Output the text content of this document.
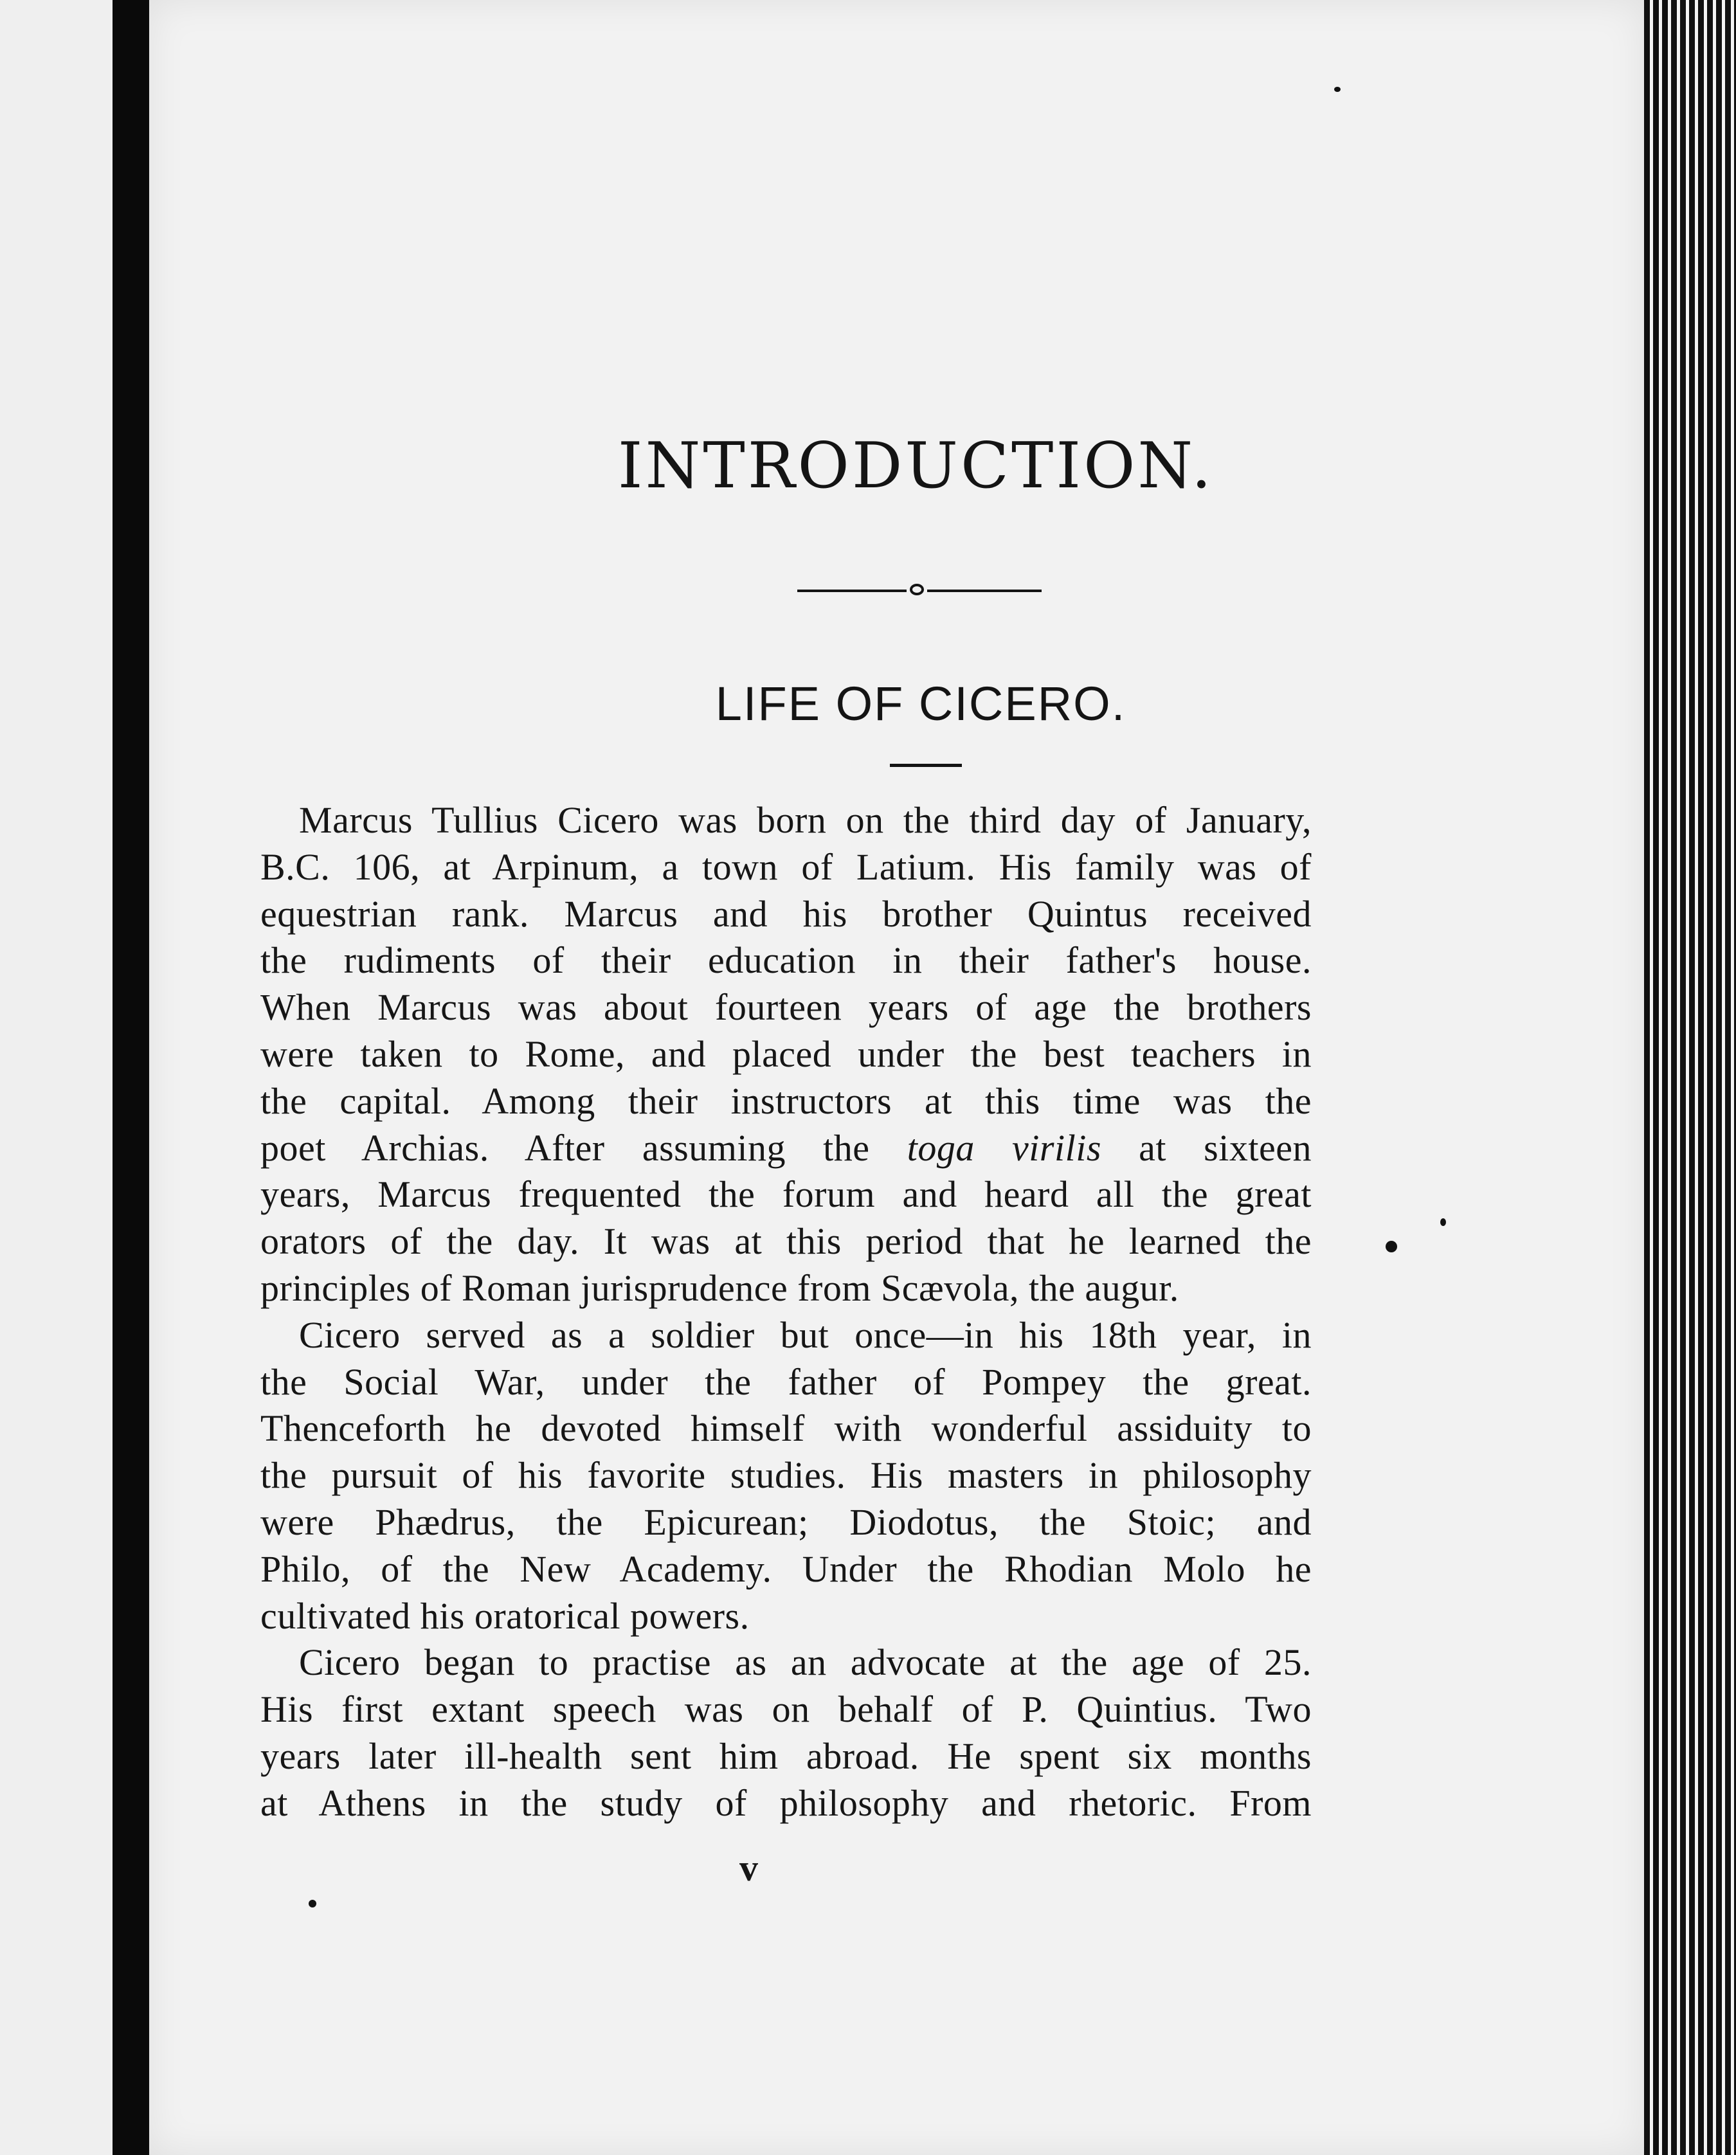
INTRODUCTION.
LIFE OF CICERO.
Marcus Tullius Cicero was born on the third day of January,
B.C. 106, at Arpinum, a town of Latium. His family was of
equestrian rank. Marcus and his brother Quintus received
the rudiments of their education in their father's house.
When Marcus was about fourteen years of age the brothers
were taken to Rome, and placed under the best teachers in
the capital. Among their instructors at this time was the
poet Archias. After assuming the toga virilis at sixteen
years, Marcus frequented the forum and heard all the great
orators of the day. It was at this period that he learned the
principles of Roman jurisprudence from Scævola, the augur.
Cicero served as a soldier but once—in his 18th year, in
the Social War, under the father of Pompey the great.
Thenceforth he devoted himself with wonderful assiduity to
the pursuit of his favorite studies. His masters in philosophy
were Phædrus, the Epicurean; Diodotus, the Stoic; and
Philo, of the New Academy. Under the Rhodian Molo he
cultivated his oratorical powers.
Cicero began to practise as an advocate at the age of 25.
His first extant speech was on behalf of P. Quintius. Two
years later ill-health sent him abroad. He spent six months
at Athens in the study of philosophy and rhetoric. From
v
